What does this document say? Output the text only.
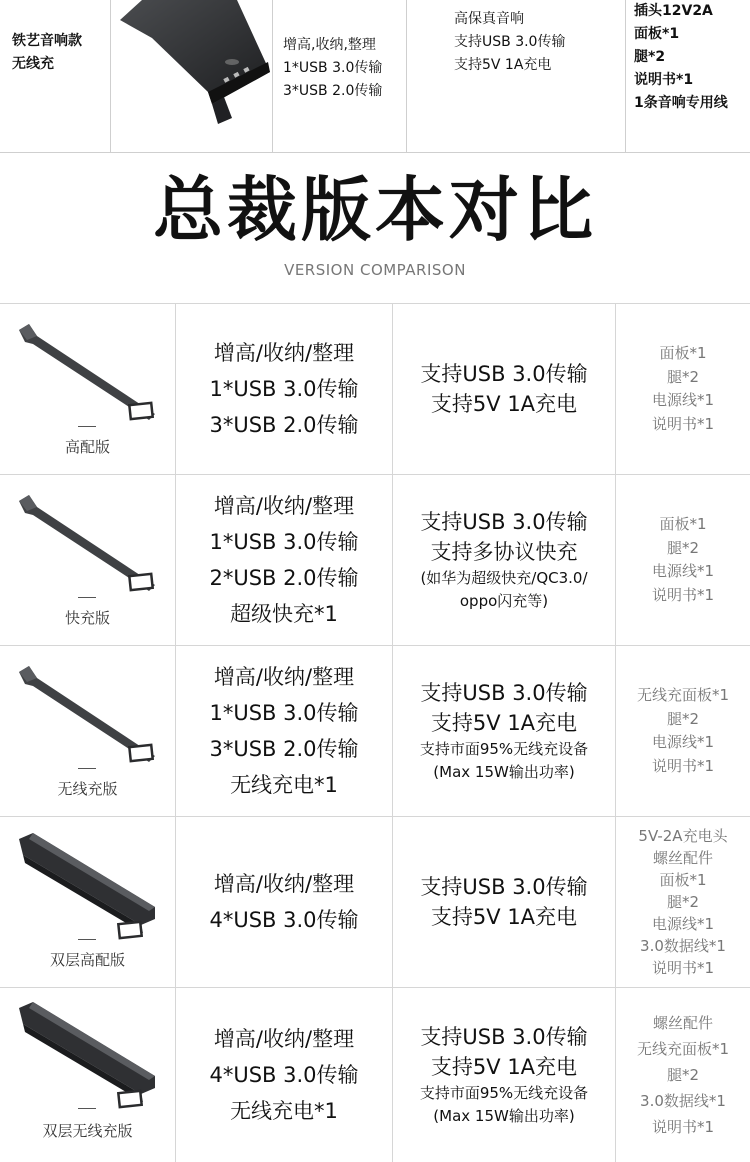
铁艺音响款
无线充
增高,收纳,整理
1*USB 3.0传输
3*USB 2.0传输
高保真音响
支持USB 3.0传输
支持5V 1A充电
插头12V2A
面板*1
腿*2
说明书*1
1条音响专用线
总裁版本对比
VERSION COMPARISON
高配版
增高/收纳/整理
1*USB 3.0传输
3*USB 2.0传输
支持USB 3.0传输
支持5V 1A充电
面板*1
腿*2
电源线*1
说明书*1
快充版
增高/收纳/整理
1*USB 3.0传输
2*USB 2.0传输
超级快充*1
支持USB 3.0传输
支持多协议快充
(如华为超级快充/QC3.0/
oppo闪充等)
面板*1
腿*2
电源线*1
说明书*1
无线充版
增高/收纳/整理
1*USB 3.0传输
3*USB 2.0传输
无线充电*1
支持USB 3.0传输
支持5V 1A充电
支持市面95%无线充设备
(Max 15W输出功率)
无线充面板*1
腿*2
电源线*1
说明书*1
双层高配版
增高/收纳/整理
4*USB 3.0传输
支持USB 3.0传输
支持5V 1A充电
5V-2A充电头
螺丝配件
面板*1
腿*2
电源线*1
3.0数据线*1
说明书*1
双层无线充版
增高/收纳/整理
4*USB 3.0传输
无线充电*1
支持USB 3.0传输
支持5V 1A充电
支持市面95%无线充设备
(Max 15W输出功率)
螺丝配件
无线充面板*1
腿*2
3.0数据线*1
说明书*1
